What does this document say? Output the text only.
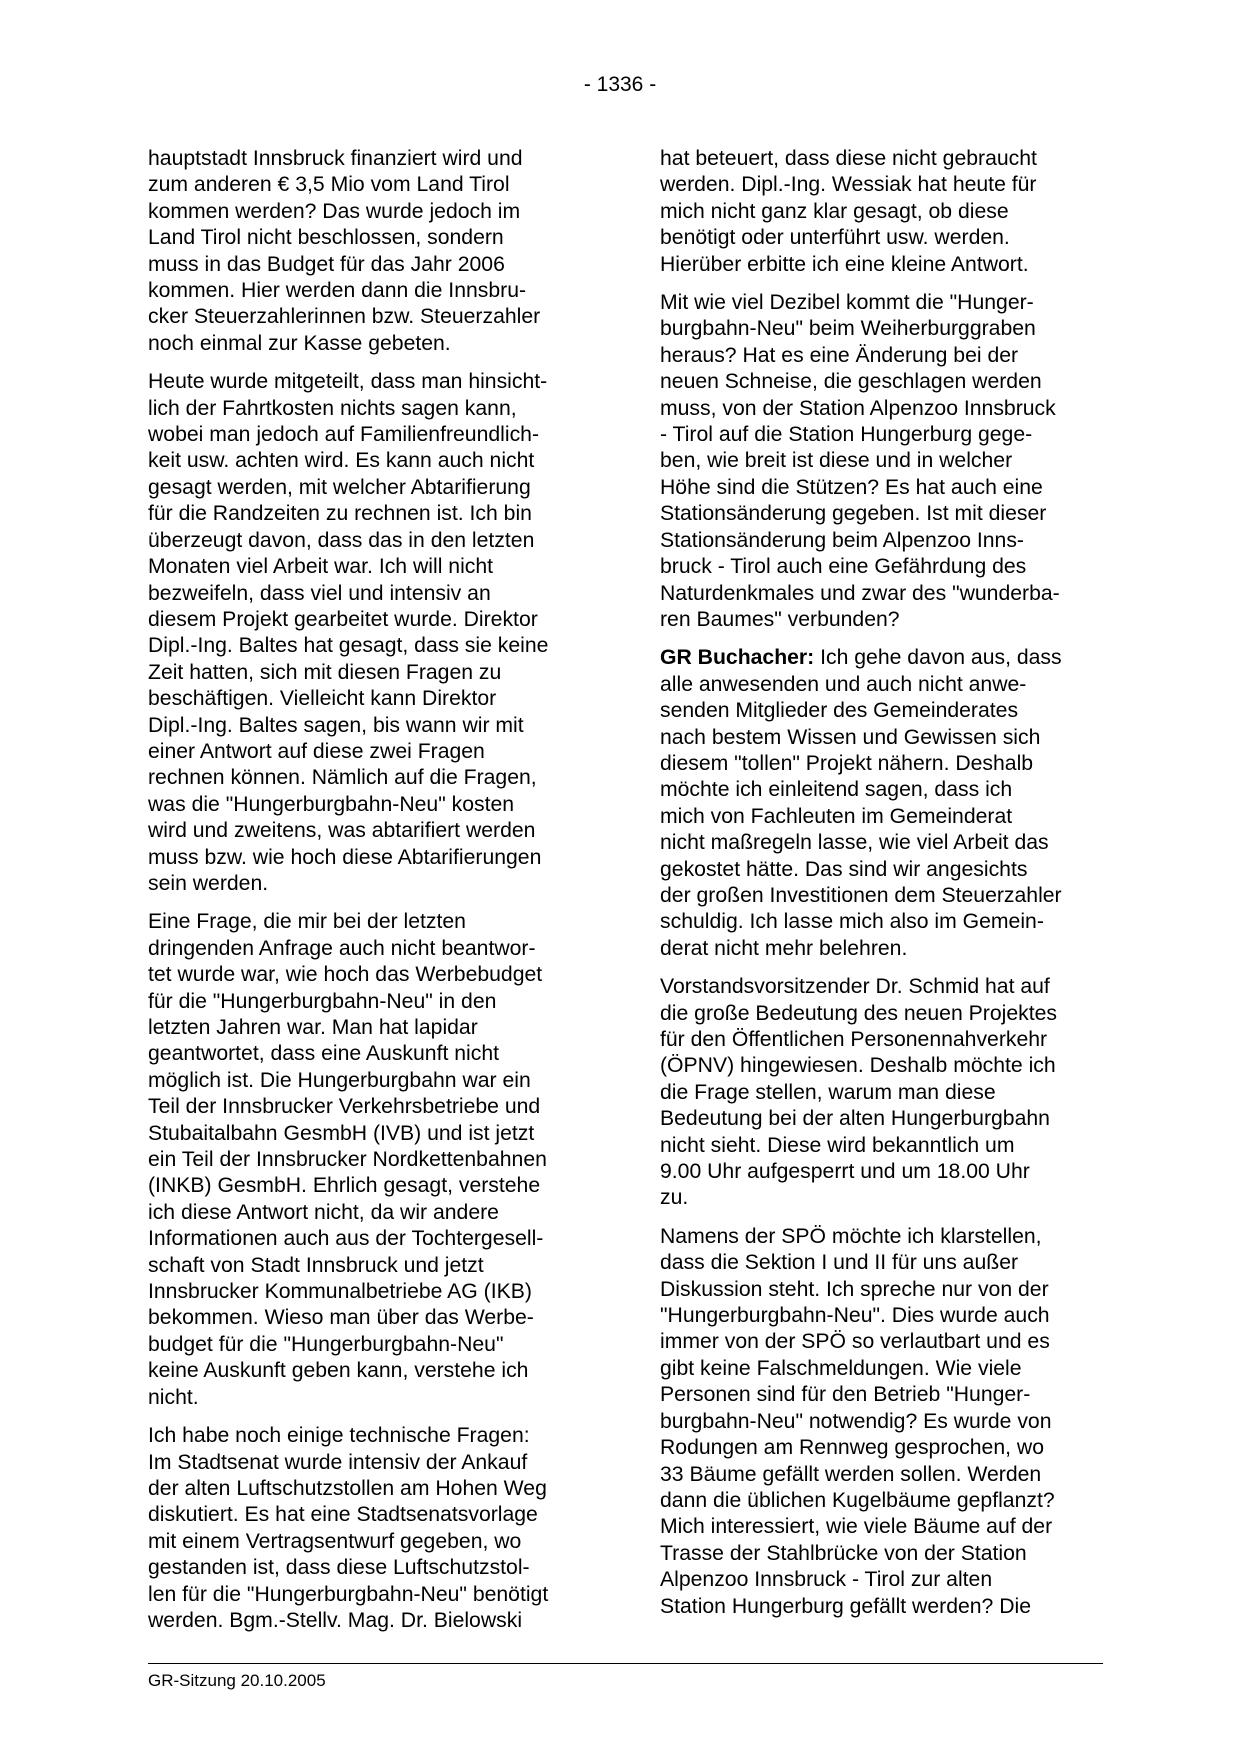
- 1336 -

hauptstadt Innsbruck finanziert wird und
zum anderen € 3,5 Mio vom Land Tirol
kommen werden? Das wurde jedoch im
Land Tirol nicht beschlossen, sondern
muss in das Budget für das Jahr 2006
kommen. Hier werden dann die Innsbru-
cker Steuerzahlerinnen bzw. Steuerzahler
noch einmal zur Kasse gebeten.

Heute wurde mitgeteilt, dass man hinsicht-
lich der Fahrtkosten nichts sagen kann,
wobei man jedoch auf Familienfreundlich-
keit usw. achten wird. Es kann auch nicht
gesagt werden, mit welcher Abtarifierung
für die Randzeiten zu rechnen ist. Ich bin
überzeugt davon, dass das in den letzten
Monaten viel Arbeit war. Ich will nicht
bezweifeln, dass viel und intensiv an
diesem Projekt gearbeitet wurde. Direktor
Dipl.-Ing. Baltes hat gesagt, dass sie keine
Zeit hatten, sich mit diesen Fragen zu
beschäftigen. Vielleicht kann Direktor
Dipl.-Ing. Baltes sagen, bis wann wir mit
einer Antwort auf diese zwei Fragen
rechnen können. Nämlich auf die Fragen,
was die "Hungerburgbahn-Neu" kosten
wird und zweitens, was abtarifiert werden
muss bzw. wie hoch diese Abtarifierungen
sein werden.

Eine Frage, die mir bei der letzten
dringenden Anfrage auch nicht beantwor-
tet wurde war, wie hoch das Werbebudget
für die "Hungerburgbahn-Neu" in den
letzten Jahren war. Man hat lapidar
geantwortet, dass eine Auskunft nicht
möglich ist. Die Hungerburgbahn war ein
Teil der Innsbrucker Verkehrsbetriebe und
Stubaitalbahn GesmbH (IVB) und ist jetzt
ein Teil der Innsbrucker Nordkettenbahnen
(INKB) GesmbH. Ehrlich gesagt, verstehe
ich diese Antwort nicht, da wir andere
Informationen auch aus der Tochtergesell-
schaft von Stadt Innsbruck und jetzt
Innsbrucker Kommunalbetriebe AG (IKB)
bekommen. Wieso man über das Werbe-
budget für die "Hungerburgbahn-Neu"
keine Auskunft geben kann, verstehe ich
nicht.

Ich habe noch einige technische Fragen:
Im Stadtsenat wurde intensiv der Ankauf
der alten Luftschutzstollen am Hohen Weg
diskutiert. Es hat eine Stadtsenatsvorlage
mit einem Vertragsentwurf gegeben, wo
gestanden ist, dass diese Luftschutzstol-
len für die "Hungerburgbahn-Neu" benötigt
werden. Bgm.-Stellv. Mag. Dr. Bielowski

hat beteuert, dass diese nicht gebraucht
werden. Dipl.-Ing. Wessiak hat heute für
mich nicht ganz klar gesagt, ob diese
benötigt oder unterführt usw. werden.
Hierüber erbitte ich eine kleine Antwort.

Mit wie viel Dezibel kommt die "Hunger-
burgbahn-Neu" beim Weiherburggraben
heraus? Hat es eine Änderung bei der
neuen Schneise, die geschlagen werden
muss, von der Station Alpenzoo Innsbruck
- Tirol auf die Station Hungerburg gege-
ben, wie breit ist diese und in welcher
Höhe sind die Stützen? Es hat auch eine
Stationsänderung gegeben. Ist mit dieser
Stationsänderung beim Alpenzoo Inns-
bruck - Tirol auch eine Gefährdung des
Naturdenkmales und zwar des "wunderba-
ren Baumes" verbunden?

GR Buchacher: Ich gehe davon aus, dass
alle anwesenden und auch nicht anwe-
senden Mitglieder des Gemeinderates
nach bestem Wissen und Gewissen sich
diesem "tollen" Projekt nähern. Deshalb
möchte ich einleitend sagen, dass ich
mich von Fachleuten im Gemeinderat
nicht maßregeln lasse, wie viel Arbeit das
gekostet hätte. Das sind wir angesichts
der großen Investitionen dem Steuerzahler
schuldig. Ich lasse mich also im Gemein-
derat nicht mehr belehren.

Vorstandsvorsitzender Dr. Schmid hat auf
die große Bedeutung des neuen Projektes
für den Öffentlichen Personennahverkehr
(ÖPNV) hingewiesen. Deshalb möchte ich
die Frage stellen, warum man diese
Bedeutung bei der alten Hungerburgbahn
nicht sieht. Diese wird bekanntlich um
9.00 Uhr aufgesperrt und um 18.00 Uhr
zu.

Namens der SPÖ möchte ich klarstellen,
dass die Sektion I und II für uns außer
Diskussion steht. Ich spreche nur von der
"Hungerburgbahn-Neu". Dies wurde auch
immer von der SPÖ so verlautbart und es
gibt keine Falschmeldungen. Wie viele
Personen sind für den Betrieb "Hunger-
burgbahn-Neu" notwendig? Es wurde von
Rodungen am Rennweg gesprochen, wo
33 Bäume gefällt werden sollen. Werden
dann die üblichen Kugelbäume gepflanzt?
Mich interessiert, wie viele Bäume auf der
Trasse der Stahlbrücke von der Station
Alpenzoo Innsbruck - Tirol zur alten
Station Hungerburg gefällt werden? Die

GR-Sitzung 20.10.2005
